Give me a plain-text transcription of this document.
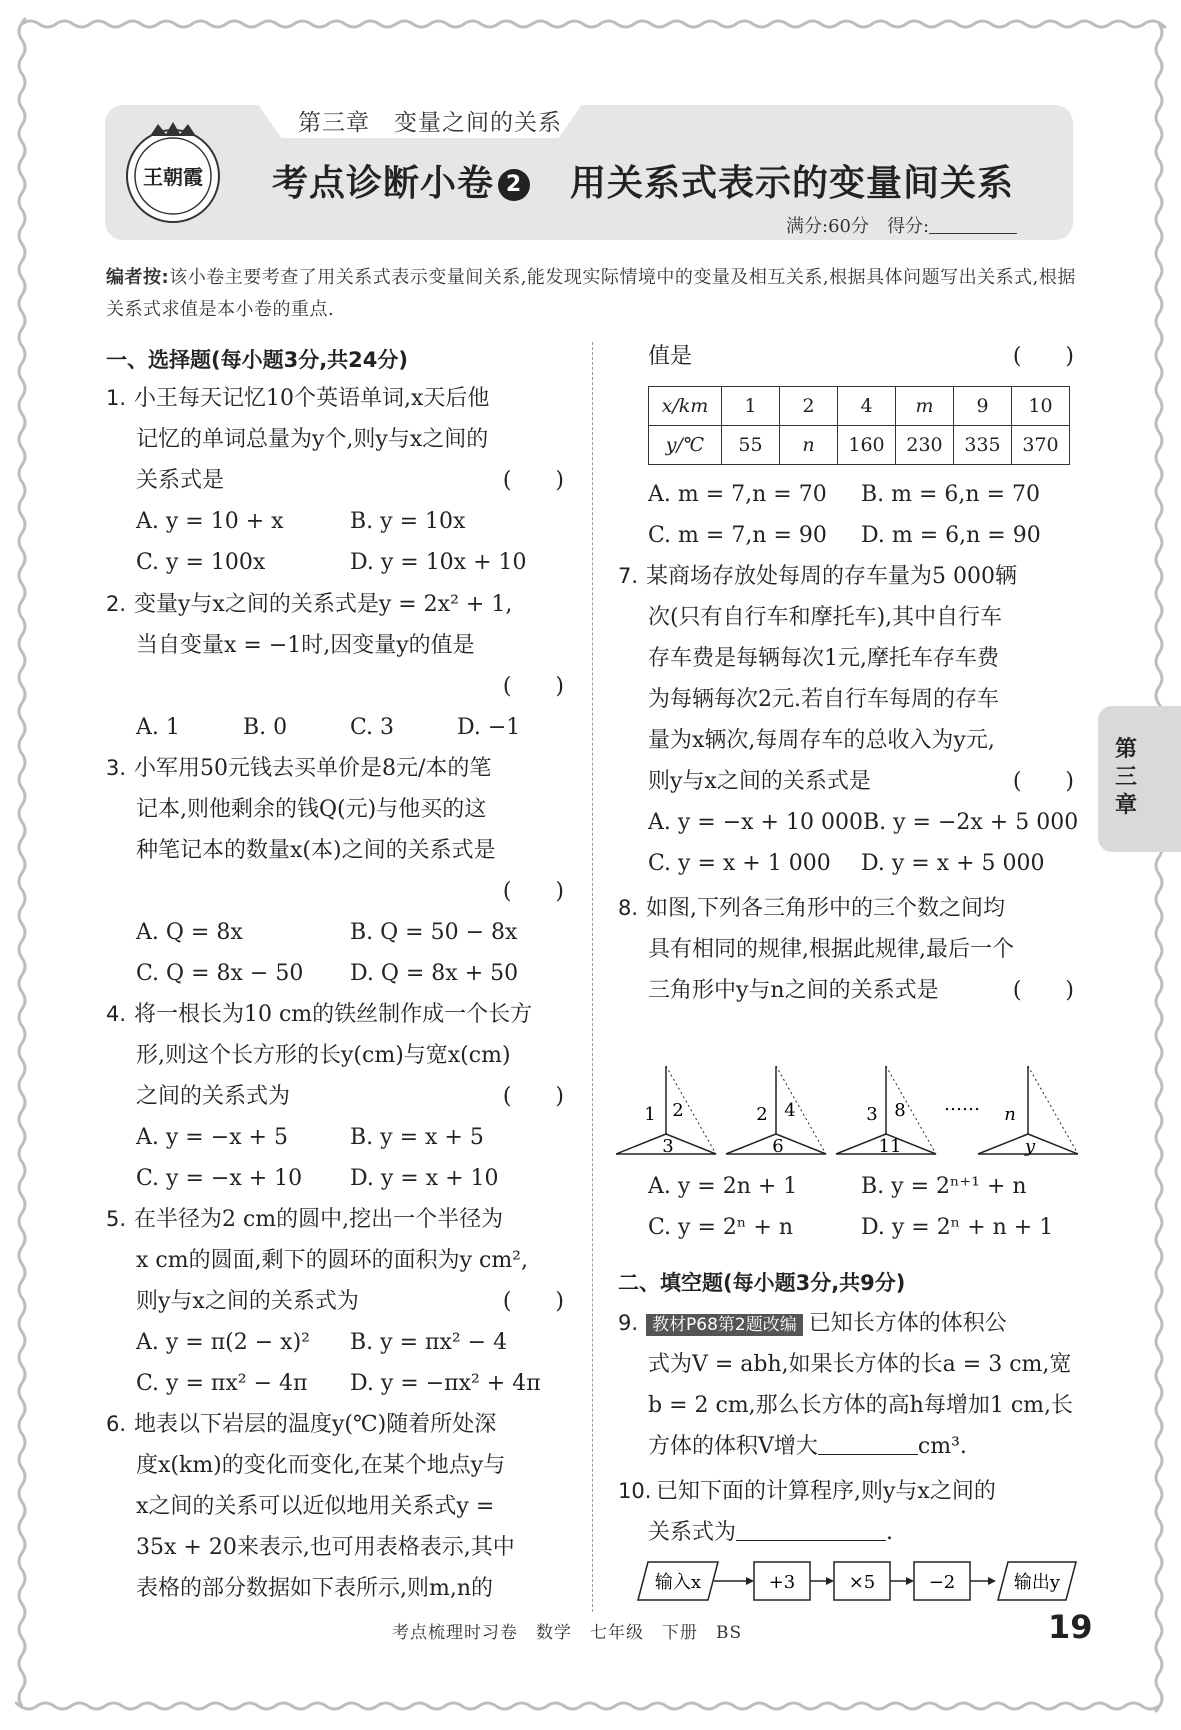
第三章　变量之间的关系
王朝霞 考点诊断小卷 2 用关系式表示的变量间关系
满分:60分　得分:
编者按:该小卷主要考查了用关系式表示变量间关系,能发现实际情境中的变量及相互关系,根据具体问题写出关系式,根据关系式求值是本小卷的重点.
一、选择题(每小题3分,共24分)
1. 小王每天记忆10个英语单词,x天后他
记忆的单词总量为y个,则y与x之间的
关系式是	(　　)
A. y = 10 + x	B. y = 10x
C. y = 100x	D. y = 10x + 10
2. 变量y与x之间的关系式是y = 2x² + 1,
当自变量x = −1时,因变量y的值是
(　　)
A. 1	B. 0	C. 3	D. −1
3. 小军用50元钱去买单价是8元/本的笔
记本,则他剩余的钱Q(元)与他买的这
种笔记本的数量x(本)之间的关系式是
(　　)
A. Q = 8x	B. Q = 50 − 8x
C. Q = 8x − 50	D. Q = 8x + 50
4. 将一根长为10 cm的铁丝制作成一个长方
形,则这个长方形的长y(cm)与宽x(cm)
之间的关系式为	(　　)
A. y = −x + 5	B. y = x + 5
C. y = −x + 10	D. y = x + 10
5. 在半径为2 cm的圆中,挖出一个半径为
x cm的圆面,剩下的圆环的面积为y cm²,
则y与x之间的关系式为	(　　)
A. y = π(2 − x)²	B. y = πx² − 4
C. y = πx² − 4π	D. y = −πx² + 4π
6. 地表以下岩层的温度y(℃)随着所处深
度x(km)的变化而变化,在某个地点y与
x之间的关系可以近似地用关系式y =
35x + 20来表示,也可用表格表示,其中
表格的部分数据如下表所示,则m,n的
值是	(　　)
x/km	1	2	4	m	9	10
y/℃	55	n	160	230	335	370
A. m = 7,n = 70	B. m = 6,n = 70
C. m = 7,n = 90	D. m = 6,n = 90
7. 某商场存放处每周的存车量为5 000辆
次(只有自行车和摩托车),其中自行车
存车费是每辆每次1元,摩托车存车费
为每辆每次2元.若自行车每周的存车
量为x辆次,每周存车的总收入为y元,
则y与x之间的关系式是	(　　)
A. y = −x + 10 000 B. y = −2x + 5 000
C. y = x + 1 000	D. y = x + 5 000
8. 如图,下列各三角形中的三个数之间均
具有相同的规律,根据此规律,最后一个
三角形中y与n之间的关系式是	(　　)
1 2
3
2 4
6
3 8
11
…… n
y
A. y = 2n + 1	B. y = 2ⁿ⁺¹ + n
C. y = 2ⁿ + n	D. y = 2ⁿ + n + 1
二、填空题(每小题3分,共9分)
9. 教材P68第2题改编 已知长方体的体积公
式为V = abh,如果长方体的长a = 3 cm,宽
b = 2 cm,那么长方体的高h每增加1 cm,长
方体的体积V增大	cm³.
10. 已知下面的计算程序,则y与x之间的
关系式为	.
输入x	+3	×5	−2	输出y
第三章
考点梳理时习卷　数学　七年级　下册　BS	19
